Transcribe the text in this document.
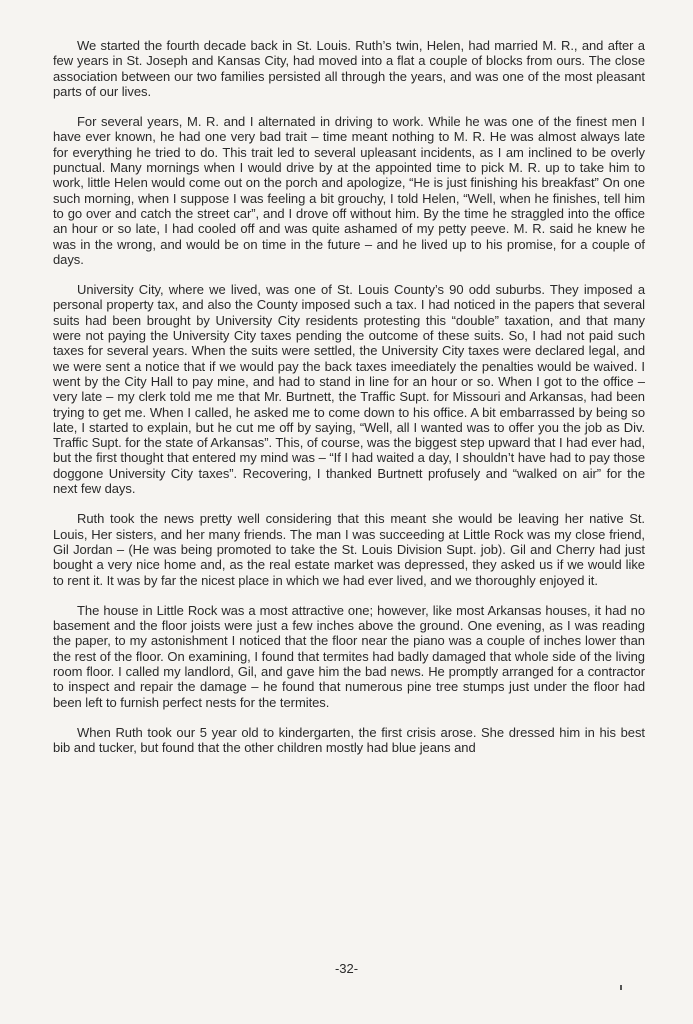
We started the fourth decade back in St. Louis. Ruth’s twin, Helen, had married M. R., and after a few years in St. Joseph and Kansas City, had moved into a flat a couple of blocks from ours. The close association between our two families persisted all through the years, and was one of the most pleasant parts of our lives.

For several years, M. R. and I alternated in driving to work. While he was one of the finest men I have ever known, he had one very bad trait – time meant nothing to M. R. He was almost always late for everything he tried to do. This trait led to several upleasant incidents, as I am inclined to be overly punctual. Many mornings when I would drive by at the appointed time to pick M. R. up to take him to work, little Helen would come out on the porch and apologize, “He is just finishing his breakfast” On one such morning, when I suppose I was feeling a bit grouchy, I told Helen, “Well, when he finishes, tell him to go over and catch the street car”, and I drove off without him. By the time he straggled into the office an hour or so late, I had cooled off and was quite ashamed of my petty peeve. M. R. said he knew he was in the wrong, and would be on time in the future – and he lived up to his promise, for a couple of days.

University City, where we lived, was one of St. Louis County’s 90 odd suburbs. They imposed a personal property tax, and also the County imposed such a tax. I had noticed in the papers that several suits had been brought by University City residents protesting this “double” taxation, and that many were not paying the University City taxes pending the outcome of these suits. So, I had not paid such taxes for several years. When the suits were settled, the University City taxes were declared legal, and we were sent a notice that if we would pay the back taxes imeediately the penalties would be waived. I went by the City Hall to pay mine, and had to stand in line for an hour or so. When I got to the office – very late – my clerk told me me that Mr. Burtnett, the Traffic Supt. for Missouri and Arkansas, had been trying to get me. When I called, he asked me to come down to his office. A bit embarrassed by being so late, I started to explain, but he cut me off by saying, “Well, all I wanted was to offer you the job as Div. Traffic Supt. for the state of Arkansas”. This, of course, was the biggest step upward that I had ever had, but the first thought that entered my mind was – “If I had waited a day, I shouldn’t have had to pay those doggone University City taxes”. Recovering, I thanked Burtnett profusely and “walked on air” for the next few days.

Ruth took the news pretty well considering that this meant she would be leaving her native St. Louis, Her sisters, and her many friends. The man I was succeeding at Little Rock was my close friend, Gil Jordan – (He was being promoted to take the St. Louis Division Supt. job). Gil and Cherry had just bought a very nice home and, as the real estate market was depressed, they asked us if we would like to rent it. It was by far the nicest place in which we had ever lived, and we thoroughly enjoyed it.

The house in Little Rock was a most attractive one; however, like most Arkansas houses, it had no basement and the floor joists were just a few inches above the ground. One evening, as I was reading the paper, to my astonishment I noticed that the floor near the piano was a couple of inches lower than the rest of the floor. On examining, I found that termites had badly damaged that whole side of the living room floor. I called my landlord, Gil, and gave him the bad news. He promptly arranged for a contractor to inspect and repair the damage – he found that numerous pine tree stumps just under the floor had been left to furnish perfect nests for the termites.

When Ruth took our 5 year old to kindergarten, the first crisis arose. She dressed him in his best bib and tucker, but found that the other children mostly had blue jeans and

-32-
